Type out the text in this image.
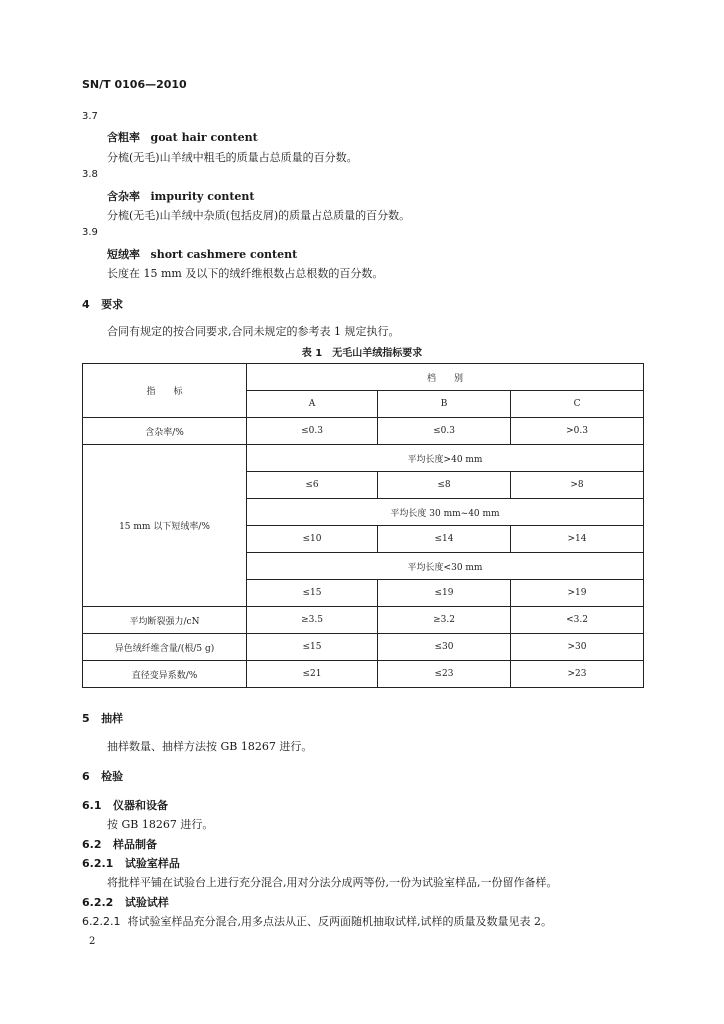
SN/T 0106—2010
3.7
含粗率 goat hair content
分梳(无毛)山羊绒中粗毛的质量占总质量的百分数。
3.8
含杂率 impurity content
分梳(无毛)山羊绒中杂质(包括皮屑)的质量占总质量的百分数。
3.9
短绒率 short cashmere content
长度在 15 mm 及以下的绒纤维根数占总根数的百分数。
4 要求
合同有规定的按合同要求,合同未规定的参考表 1 规定执行。
表 1　无毛山羊绒指标要求
指　　标	档　　别		
	A	B	C
含杂率/%	≤0.3	≤0.3	>0.3
15 mm 以下短绒率/%	平均长度>40 mm		
	≤6	≤8	>8
	平均长度 30 mm~40 mm		
	≤10	≤14	>14
	平均长度<30 mm		
	≤15	≤19	>19
平均断裂强力/cN	≥3.5	≥3.2	<3.2
异色绒纤维含量/(根/5 g)	≤15	≤30	>30
直径变异系数/%	≤21	≤23	>23
5 抽样
抽样数量、抽样方法按 GB 18267 进行。
6 检验
6.1 仪器和设备
按 GB 18267 进行。
6.2 样品制备
6.2.1 试验室样品
将批样平铺在试验台上进行充分混合,用对分法分成两等份,一份为试验室样品,一份留作备样。
6.2.2 试验试样
6.2.2.1 将试验室样品充分混合,用多点法从正、反两面随机抽取试样,试样的质量及数量见表 2。
2
